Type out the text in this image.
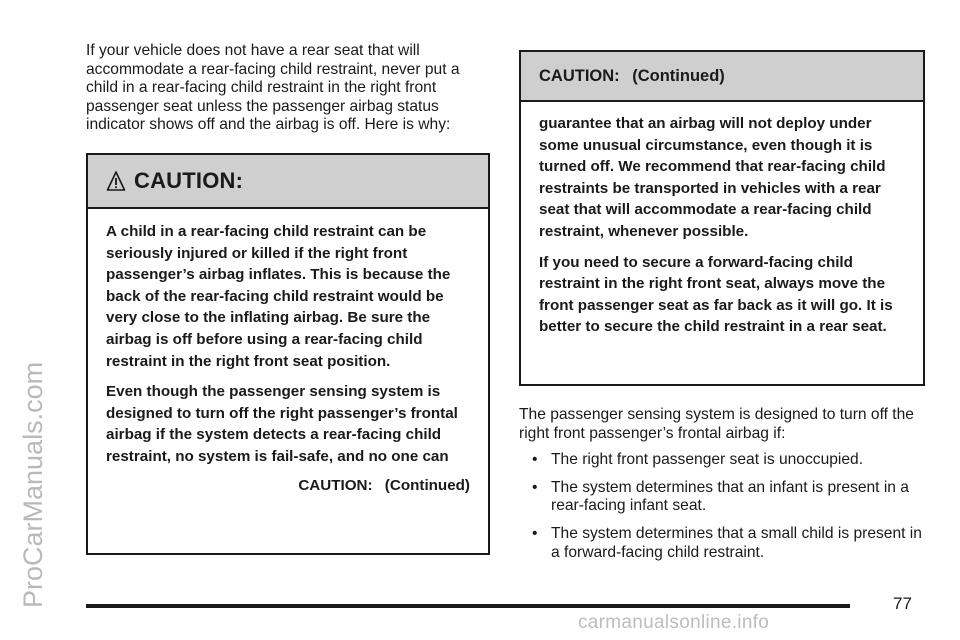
ProCarManuals.com

If your vehicle does not have a rear seat that will accommodate a rear-facing child restraint, never put a child in a rear-facing child restraint in the right front passenger seat unless the passenger airbag status indicator shows off and the airbag is off. Here is why:

CAUTION:

A child in a rear-facing child restraint can be seriously injured or killed if the right front passenger’s airbag inflates. This is because the back of the rear-facing child restraint would be very close to the inflating airbag. Be sure the airbag is off before using a rear-facing child restraint in the right front seat position.

Even though the passenger sensing system is designed to turn off the right passenger’s frontal airbag if the system detects a rear-facing child restraint, no system is fail-safe, and no one can

CAUTION: (Continued)
CAUTION: (Continued)

guarantee that an airbag will not deploy under some unusual circumstance, even though it is turned off. We recommend that rear-facing child restraints be transported in vehicles with a rear seat that will accommodate a rear-facing child restraint, whenever possible.

If you need to secure a forward-facing child restraint in the right front seat, always move the front passenger seat as far back as it will go. It is better to secure the child restraint in a rear seat.

The passenger sensing system is designed to turn off the right front passenger’s frontal airbag if:

• The right front passenger seat is unoccupied.
• The system determines that an infant is present in a rear-facing infant seat.
• The system determines that a small child is present in a forward-facing child restraint.
77
carmanualsonline.info
